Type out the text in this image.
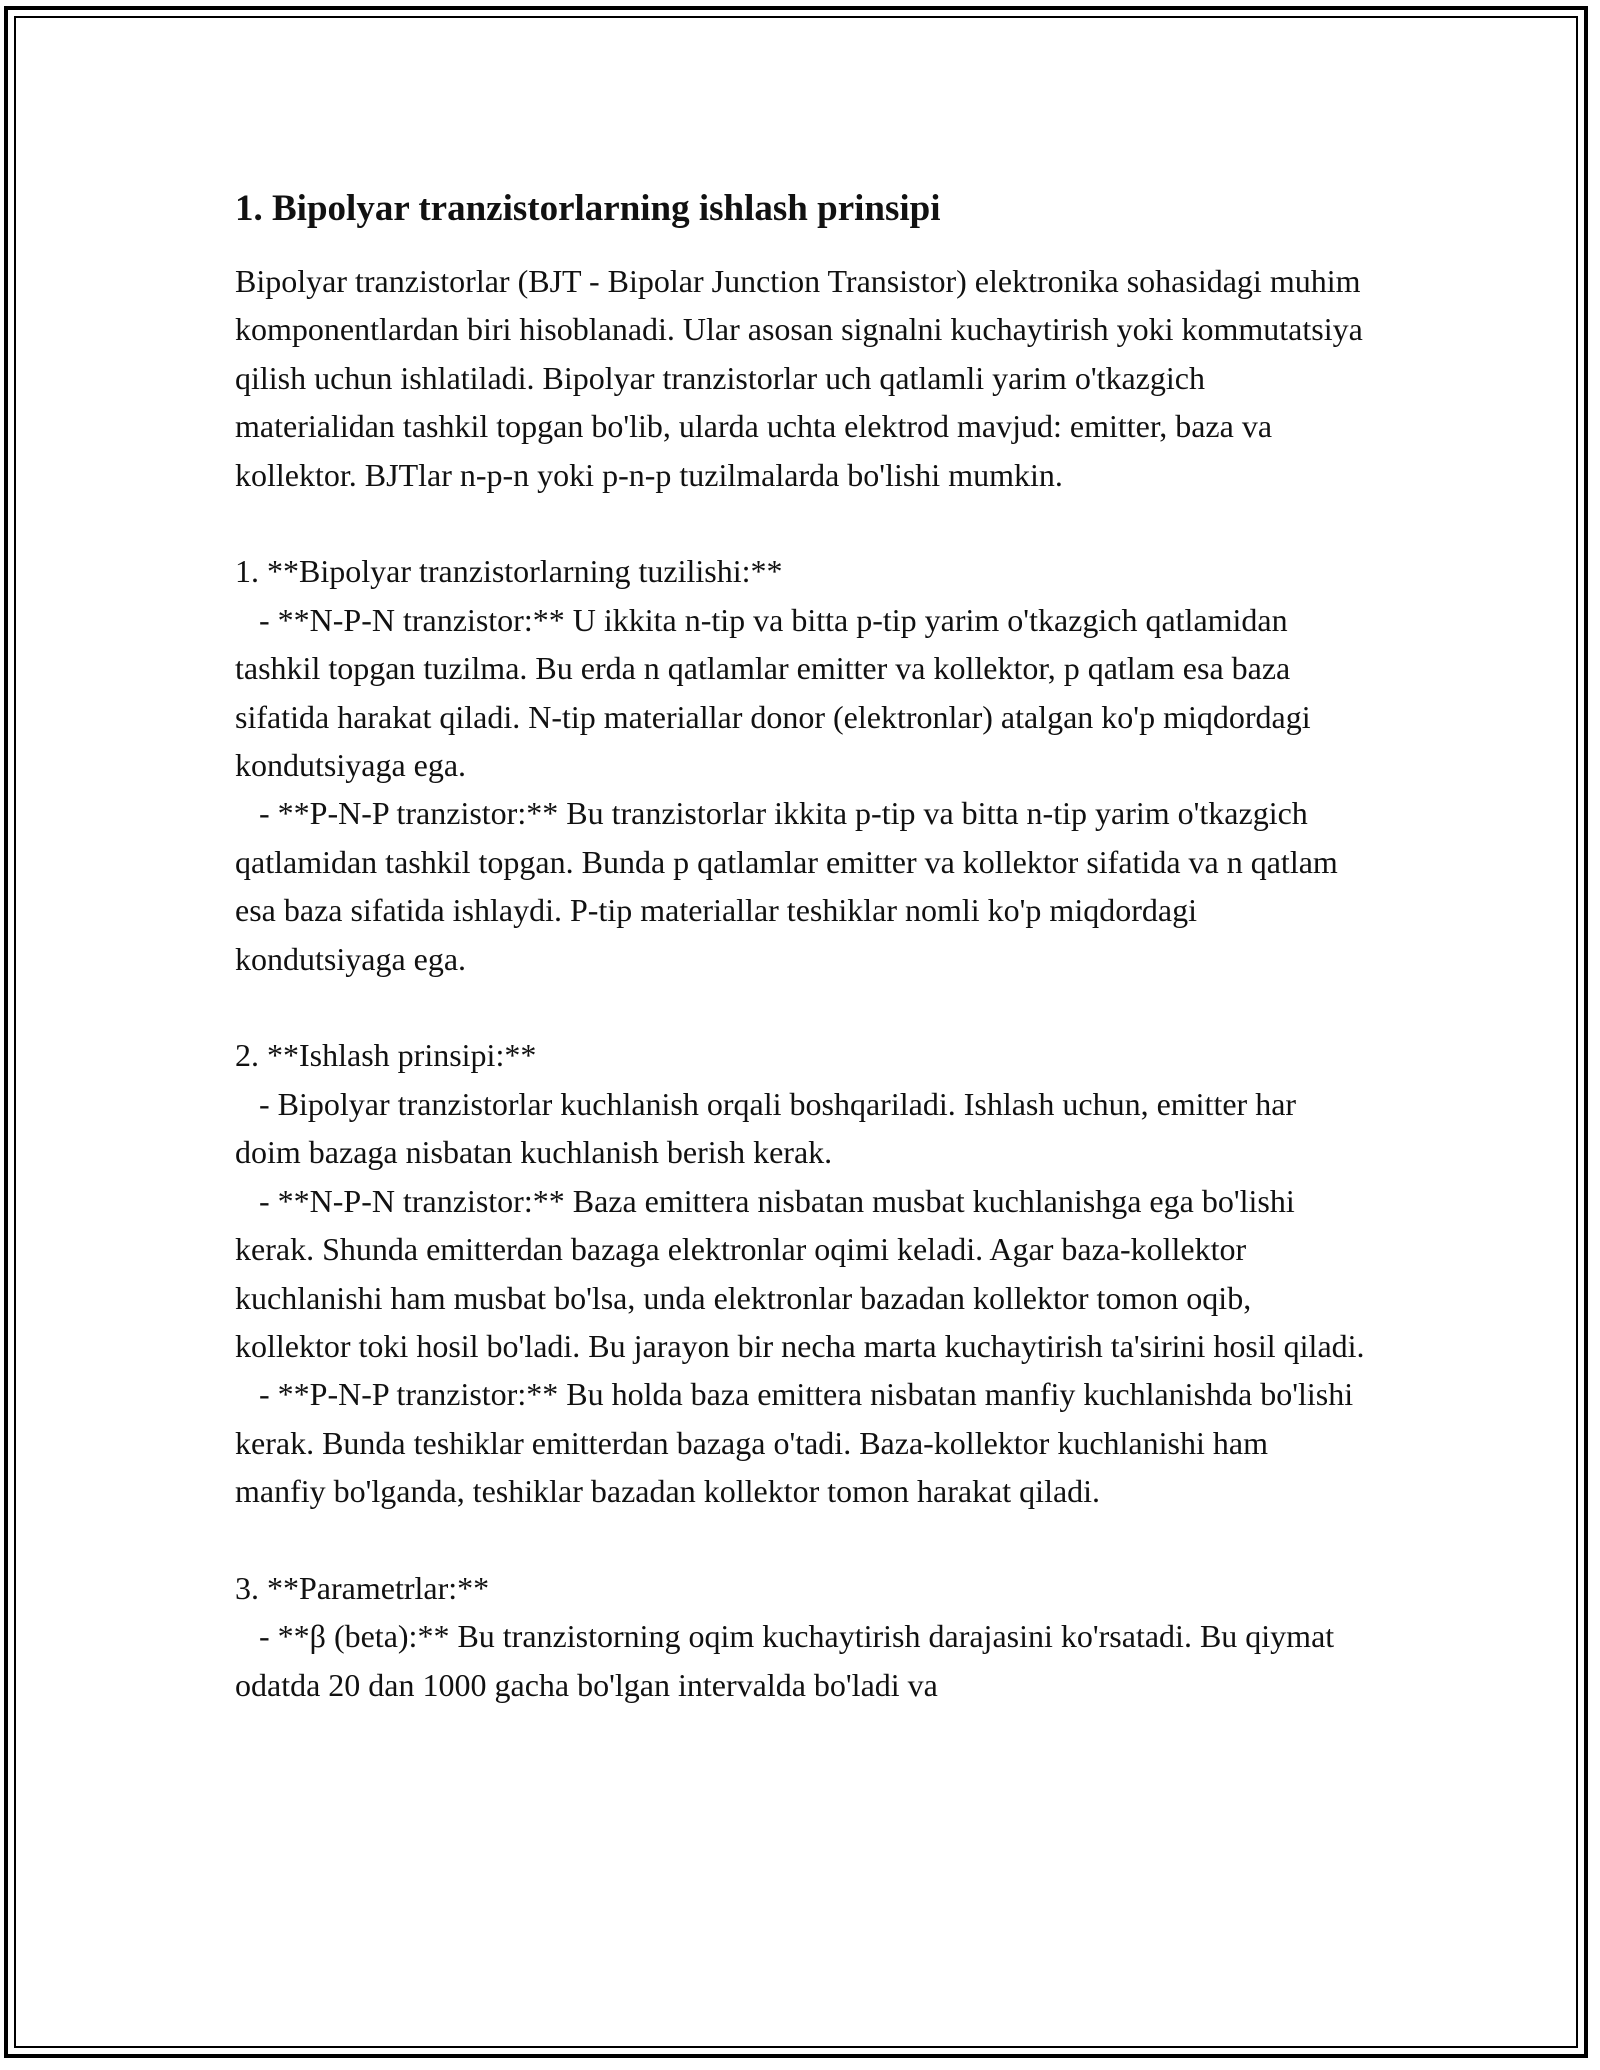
1. Bipolyar tranzistorlarning ishlash prinsipi

Bipolyar tranzistorlar (BJT - Bipolar Junction Transistor) elektronika sohasidagi muhim komponentlardan biri hisoblanadi. Ular asosan signalni kuchaytirish yoki kommutatsiya qilish uchun ishlatiladi. Bipolyar tranzistorlar uch qatlamli yarim o'tkazgich materialidan tashkil topgan bo'lib, ularda uchta elektrod mavjud: emitter, baza va kollektor. BJTlar n-p-n yoki p-n-p tuzilmalarda bo'lishi mumkin.

1. **Bipolyar tranzistorlarning tuzilishi:**

- **N-P-N tranzistor:** U ikkita n-tip va bitta p-tip yarim o'tkazgich qatlamidan tashkil topgan tuzilma. Bu erda n qatlamlar emitter va kollektor, p qatlam esa baza sifatida harakat qiladi. N-tip materiallar donor (elektronlar) atalgan ko'p miqdordagi kondutsiyaga ega.

- **P-N-P tranzistor:** Bu tranzistorlar ikkita p-tip va bitta n-tip yarim o'tkazgich qatlamidan tashkil topgan. Bunda p qatlamlar emitter va kollektor sifatida va n qatlam esa baza sifatida ishlaydi. P-tip materiallar teshiklar nomli ko'p miqdordagi kondutsiyaga ega.

2. **Ishlash prinsipi:**

- Bipolyar tranzistorlar kuchlanish orqali boshqariladi. Ishlash uchun, emitter har doim bazaga nisbatan kuchlanish berish kerak.

- **N-P-N tranzistor:** Baza emittera nisbatan musbat kuchlanishga ega bo'lishi kerak. Shunda emitterdan bazaga elektronlar oqimi keladi. Agar baza-kollektor kuchlanishi ham musbat bo'lsa, unda elektronlar bazadan kollektor tomon oqib, kollektor toki hosil bo'ladi. Bu jarayon bir necha marta kuchaytirish ta'sirini hosil qiladi.

- **P-N-P tranzistor:** Bu holda baza emittera nisbatan manfiy kuchlanishda bo'lishi kerak. Bunda teshiklar emitterdan bazaga o'tadi. Baza-kollektor kuchlanishi ham manfiy bo'lganda, teshiklar bazadan kollektor tomon harakat qiladi.

3. **Parametrlar:**

- **β (beta):** Bu tranzistorning oqim kuchaytirish darajasini ko'rsatadi. Bu qiymat odatda 20 dan 1000 gacha bo'lgan intervalda bo'ladi va
